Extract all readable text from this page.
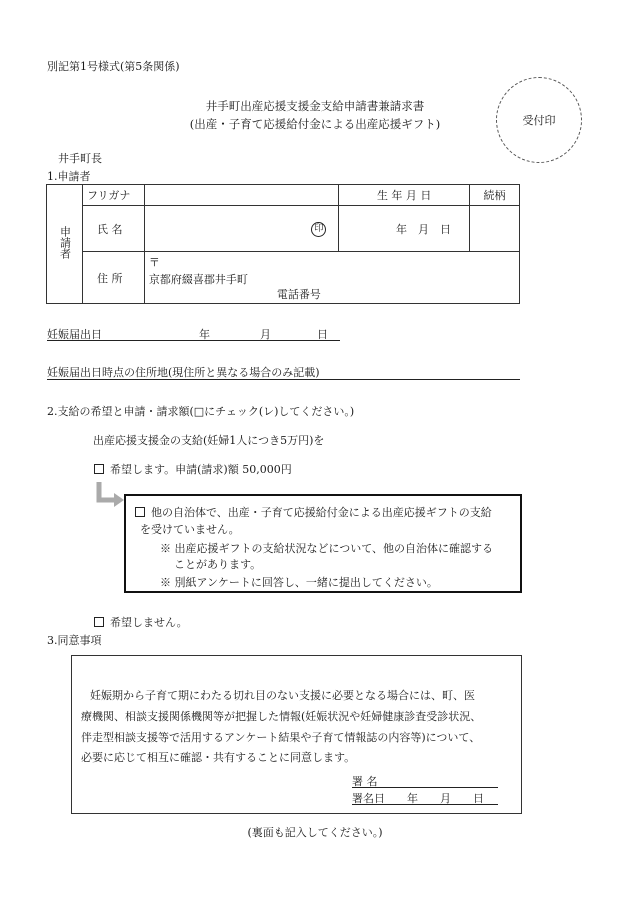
別記第1号様式(第5条関係)
井手町出産応援支援金支給申請書兼請求書
(出産・子育て応援給付金による出産応援ギフト)	受付印
井手町長
1.申請者
申請者	フリガナ		生 年 月 日	続柄
	氏 名	印	年　月　日	
	住 所	〒
京都府綴喜郡井手町
電話番号		
妊娠届出日	年	月	日
妊娠届出日時点の住所地(現住所と異なる場合のみ記載)
2.支給の希望と申請・請求額(□にチェック(レ)してください。)
出産応援支援金の支給(妊婦1人につき5万円)を
希望します。申請(請求)額 50,000円
他の自治体で、出産・子育て応援給付金による出産応援ギフトの支給
を受けていません。
※ 出産応援ギフトの支給状況などについて、他の自治体に確認する
ことがあります。
※ 別紙アンケートに回答し、一緒に提出してください。
希望しません。
3.同意事項
妊娠期から子育て期にわたる切れ目のない支援に必要となる場合には、町、医
療機関、相談支援関係機関等が把握した情報(妊娠状況や妊婦健康診査受診状況、
伴走型相談支援等で活用するアンケート結果や子育て情報誌の内容等)について、
必要に応じて相互に確認・共有することに同意します。
署 名
署名日　　年　　月　　日
(裏面も記入してください。)
